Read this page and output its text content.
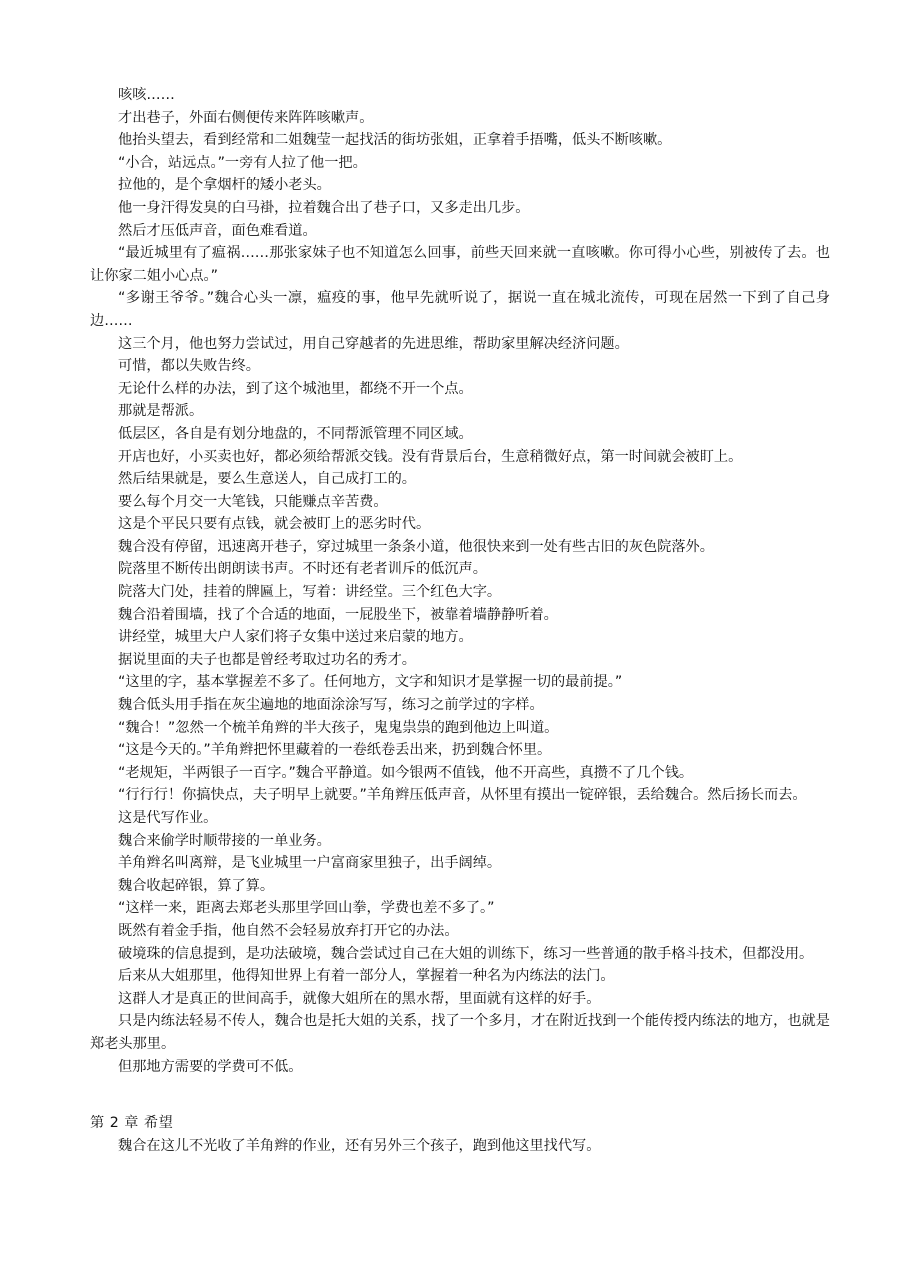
咳咳……

才出巷子，外面右侧便传来阵阵咳嗽声。

他抬头望去，看到经常和二姐魏莹一起找活的街坊张姐，正拿着手捂嘴，低头不断咳嗽。

“小合，站远点。”一旁有人拉了他一把。

拉他的，是个拿烟杆的矮小老头。

他一身汗得发臭的白马褂，拉着魏合出了巷子口，又多走出几步。

然后才压低声音，面色难看道。

“最近城里有了瘟祸……那张家妹子也不知道怎么回事，前些天回来就一直咳嗽。你可得小心些，别被传了去。也让你家二姐小心点。”

“多谢王爷爷。”魏合心头一凛，瘟疫的事，他早先就听说了，据说一直在城北流传，可现在居然一下到了自己身边……

这三个月，他也努力尝试过，用自己穿越者的先进思维，帮助家里解决经济问题。

可惜，都以失败告终。

无论什么样的办法，到了这个城池里，都绕不开一个点。

那就是帮派。

低层区，各自是有划分地盘的，不同帮派管理不同区域。

开店也好，小买卖也好，都必须给帮派交钱。没有背景后台，生意稍微好点，第一时间就会被盯上。

然后结果就是，要么生意送人，自己成打工的。

要么每个月交一大笔钱，只能赚点辛苦费。

这是个平民只要有点钱，就会被盯上的恶劣时代。

魏合没有停留，迅速离开巷子，穿过城里一条条小道，他很快来到一处有些古旧的灰色院落外。

院落里不断传出朗朗读书声。不时还有老者训斥的低沉声。

院落大门处，挂着的牌匾上，写着：讲经堂。三个红色大字。

魏合沿着围墙，找了个合适的地面，一屁股坐下，被靠着墙静静听着。

讲经堂，城里大户人家们将子女集中送过来启蒙的地方。

据说里面的夫子也都是曾经考取过功名的秀才。

“这里的字，基本掌握差不多了。任何地方，文字和知识才是掌握一切的最前提。”

魏合低头用手指在灰尘遍地的地面涂涂写写，练习之前学过的字样。

“魏合！”忽然一个梳羊角辫的半大孩子，鬼鬼祟祟的跑到他边上叫道。

“这是今天的。”羊角辫把怀里藏着的一卷纸卷丢出来，扔到魏合怀里。

“老规矩，半两银子一百字。”魏合平静道。如今银两不值钱，他不开高些，真攒不了几个钱。

“行行行！你搞快点，夫子明早上就要。”羊角辫压低声音，从怀里有摸出一锭碎银，丢给魏合。然后扬长而去。

这是代写作业。

魏合来偷学时顺带接的一单业务。

羊角辫名叫离辩，是飞业城里一户富商家里独子，出手阔绰。

魏合收起碎银，算了算。

“这样一来，距离去郑老头那里学回山拳，学费也差不多了。”

既然有着金手指，他自然不会轻易放弃打开它的办法。

破境珠的信息提到，是功法破境，魏合尝试过自己在大姐的训练下，练习一些普通的散手格斗技术，但都没用。

后来从大姐那里，他得知世界上有着一部分人，掌握着一种名为内练法的法门。

这群人才是真正的世间高手，就像大姐所在的黑水帮，里面就有这样的好手。

只是内练法轻易不传人，魏合也是托大姐的关系，找了一个多月，才在附近找到一个能传授内练法的地方，也就是郑老头那里。

但那地方需要的学费可不低。

第 2 章 希望

魏合在这儿不光收了羊角辫的作业，还有另外三个孩子，跑到他这里找代写。
